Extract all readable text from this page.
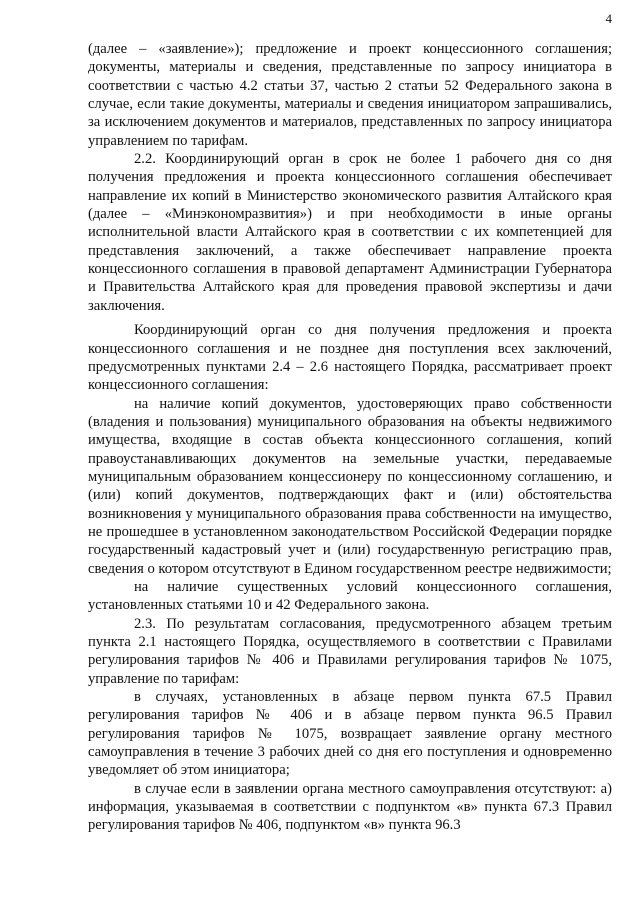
4

(далее – «заявление»); предложение и проект концессионного соглашения; документы, материалы и сведения, представленные по запросу инициатора в соответствии с частью 4.2 статьи 37, частью 2 статьи 52 Федерального закона в случае, если такие документы, материалы и сведения инициатором запрашивались, за исключением документов и материалов, представленных по запросу инициатора управлением по тарифам.

2.2. Координирующий орган в срок не более 1 рабочего дня со дня получения предложения и проекта концессионного соглашения обеспечивает направление их копий в Министерство экономического развития Алтайского края (далее – «Минэкономразвития») и при необходимости в иные органы исполнительной власти Алтайского края в соответствии с их компетенцией для представления заключений, а также обеспечивает направление проекта концессионного соглашения в правовой департамент Администрации Губернатора и Правительства Алтайского края для проведения правовой экспертизы и дачи заключения.

Координирующий орган со дня получения предложения и проекта концессионного соглашения и не позднее дня поступления всех заключений, предусмотренных пунктами 2.4 – 2.6 настоящего Порядка, рассматривает проект концессионного соглашения:

на наличие копий документов, удостоверяющих право собственности (владения и пользования) муниципального образования на объекты недвижимого имущества, входящие в состав объекта концессионного соглашения, копий правоустанавливающих документов на земельные участки, передаваемые муниципальным образованием концессионеру по концессионному соглашению, и (или) копий документов, подтверждающих факт и (или) обстоятельства возникновения у муниципального образования права собственности на имущество, не прошедшее в установленном законодательством Российской Федерации порядке государственный кадастровый учет и (или) государственную регистрацию прав, сведения о котором отсутствуют в Едином государственном реестре недвижимости;

на наличие существенных условий концессионного соглашения, установленных статьями 10 и 42 Федерального закона.

2.3. По результатам согласования, предусмотренного абзацем третьим пункта 2.1 настоящего Порядка, осуществляемого в соответствии с Правилами регулирования тарифов № 406 и Правилами регулирования тарифов № 1075, управление по тарифам:

в случаях, установленных в абзаце первом пункта 67.5 Правил регулирования тарифов № 406 и в абзаце первом пункта 96.5 Правил регулирования тарифов № 1075, возвращает заявление органу местного самоуправления в течение 3 рабочих дней со дня его поступления и одновременно уведомляет об этом инициатора;

в случае если в заявлении органа местного самоуправления отсутствуют: а) информация, указываемая в соответствии с подпунктом «в» пункта 67.3 Правил регулирования тарифов № 406, подпунктом «в» пункта 96.3
